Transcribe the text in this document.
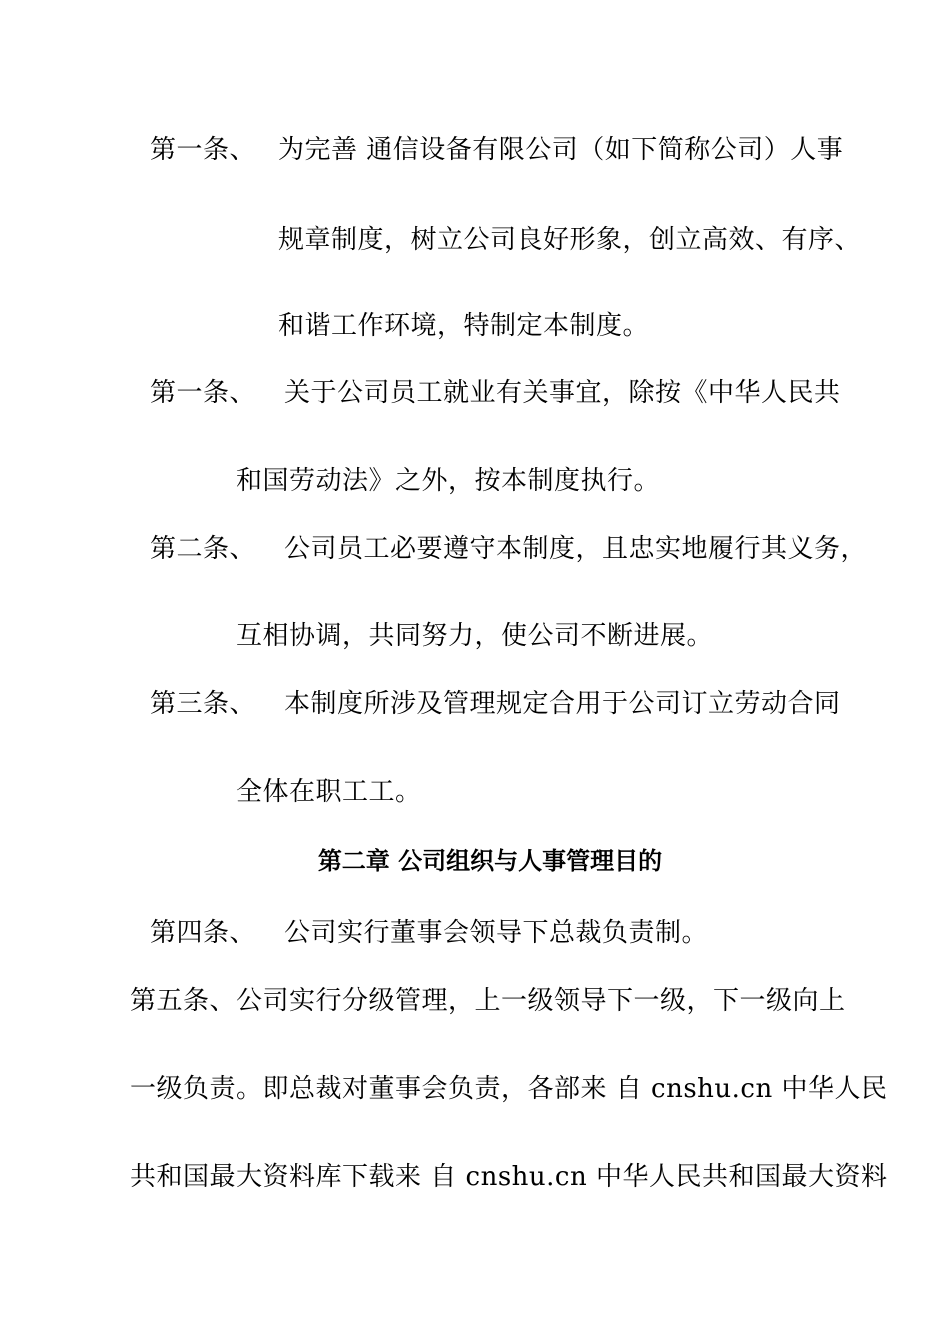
第一条、 为完善 通信设备有限公司（如下简称公司）人事
规章制度，树立公司良好形象，创立高效、有序、
和谐工作环境，特制定本制度。
第一条、 关于公司员工就业有关事宜，除按《中华人民共
和国劳动法》之外，按本制度执行。
第二条、 公司员工必要遵守本制度，且忠实地履行其义务，
互相协调，共同努力，使公司不断进展。
第三条、 本制度所涉及管理规定合用于公司订立劳动合同
全体在职工工。
第二章 公司组织与人事管理目的
第四条、 公司实行董事会领导下总裁负责制。
第五条、公司实行分级管理，上一级领导下一级，下一级向上
一级负责。即总裁对董事会负责，各部来 自 cnshu.cn 中华人民
共和国最大资料库下载来 自 cnshu.cn 中华人民共和国最大资料
